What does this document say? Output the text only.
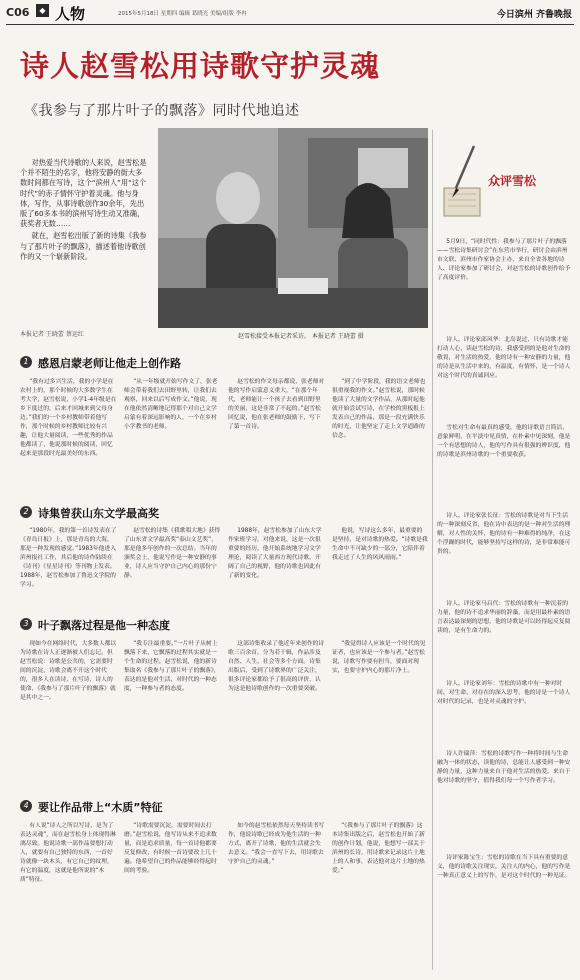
C06	◆ 人物	2015年5月18日 星期四 编辑 葛晓光 美编/组版 李冉	今日滨州 齐鲁晚报
诗人赵雪松用诗歌守护灵魂
《我参与了那片叶子的飘落》同时代地追述

对热爱当代诗歌的人来说，赵雪松是个并不陌生的名字，他将安静的街大多数时间都在写诗，这个“滨州人”用“这个时代”的赤子情怀守护着灵魂。他与身体，写作，从事诗歌创作30余年，先出版了60多本书的滨州写诗生动又准确，获奖者无数……

就在，赵雪松出版了新的诗集《我参与了那片叶子的飘落》，描述着他诗歌创作的又一个崭新阶段。

本报记者 王晓蕾 蔡运红	赵雪松接受本报记者采访。 本报记者 王晓蕾 摄
1 感恩启蒙老师让他走上创作路

“我有过多兴生活，我的小学是在农村上的，那个时候的大多数学生在考大学，赵雪松说，小学1-4年级是在乡下度过的，后来才回城来到父母身边。”我们的一个乡村教师带着他写作，那个时候的乡村教师比较有兴趣，让他大量阅读，一些优秀的作品他都读了，他说那时候的阅读，回忆起来是那段时光最美好的东西。

“从一年级就开始写作文了，张老师会带着我们去田野里转，让我们去观察，回来以后写成作文。”他说，现在他依然清晰地记得那个对自己文学启蒙有着深远影响的人，一个在乡村小学教书的老师。

赵雪松的作文母亲都说，张老师对他的写作启蒙意义重大，“在那个年代，老师能让一个孩子去看到田野里的美丽，这是非常了不起的。”赵雪松回忆说，他在张老师的鼓励下，写下了第一首诗。

“到了中学阶段，我的语文老师也很重视我的作文。”赵雪松说，那时候他读了大量的文学作品，从那时起他就开始尝试写诗，在学校的黑板报上发表自己的作品，那是一段充满快乐的时光，让他坚定了走上文学道路的信念。

2 诗集曾获山东文学最高奖

“1980年，我的第一首诗发表在了《青岛日报》上，那是青岛的大海，那是一种发现的感觉。”1983年他进入滨州报社工作，其后他的诗作陆续在《诗刊》《星星诗刊》等刊物上发表。1988年，赵雪松参加了鲁迅文学院的学习。

赵雪松的诗集《我歌唱大地》获得了山东省文学最高奖“泰山文艺奖”，那是他多年创作的一次总结。当年的颁奖会上，他说写作是一种安静的事业，诗人应当守护自己内心的那份宁静。

1988年，赵雪松参加了山东大学作家班学习，对他来说，这是一次很重要的经历，他开始系统地学习文学理论，阅读了大量西方现代诗歌，开阔了自己的视野，他的诗歌也因此有了新的变化。

他说，写诗这么多年，最重要的是坚持，是对诗歌的热爱。“诗歌是我生命中不可缺少的一部分，它陪伴着我走过了人生的风风雨雨。”

3 叶子飘落过程是他一种态度

现如今在网络时代，大多数人都以为诗歌在诗人正逐渐被人们忘记。但赵雪松说：诗歌是公共的，它需要时间的沉淀，诗歌会离不开这个时代的，很多人在读诗，在写诗，诗人的使命，《我参与了那片叶子的飘落》就是其中之一。

“我专注最重要。”一片叶子从树上飘落下来，它飘落的过程其实就是一个生命的过程。赵雪松说，他的新诗集取名《我参与了那片叶子的飘落》，表达的是他对生活、对时代的一种态度，一种参与者的态度。

这部诗集收录了他近年来创作的诗歌三百余首，分为若干辑，作品涉及自然、人生、社会等多个方面。诗集出版后，受到了诗歌界的广泛关注，很多评论家都给予了很高的评价，认为这是他诗歌创作的一次重要突破。

“我觉得诗人应该是一个时代的见证者，也应该是一个参与者。”赵雪松说，诗歌写作要有担当，要面对现实，也要守护内心的那片净土。

4 要让作品带上“木质”特征

有人说“诗人之所以写诗，是为了表达灵魂”，而在赵雪松身上体现得淋漓尽致。他说诗歌一部作品要想打动人，就要有自己独特的东西，一首好诗就像一块木头，有它自己的纹理，有它的温度，这就是他所说的“木质”特征。

“诗歌需要沉淀，需要时间去打磨。”赵雪松说，他写诗从来不追求数量，而是追求质量，每一首诗他都要反复修改，有时候一首诗要改上几十遍。他希望自己的作品能够经得起时间的考验。

如今的赵雪松依然每天坚持读书写作，他说诗歌已经成为他生活的一种方式，离开了诗歌，他的生活就会失去意义。“我会一直写下去，用诗歌去守护自己的灵魂。”

“《我参与了那片叶子的飘落》这本诗集出版之后，赵雪松也开始了新的创作计划，他说，他想写一部关于滨州的长诗，用诗歌来记录这片土地上的人和事，表达他对这片土地的热爱。”

众评雪松

5月9日，“同时代性：我参与了那片叶子的飘落——雪松诗集研讨会”在东营市举行，研讨会由滨州市文联、滨州市作家协会主办，来自全省各地的诗人、评论家参加了研讨会，对赵雪松的诗歌创作给予了高度评价。

诗人、评论家邱风华：北岛说过，只有诗歌才能打动人心，读赵雪松的诗，我感受到的是他对生命的敬畏，对生活的热爱，他的诗有一种安静的力量，他的诗是从生活中来的，有温度，有情怀，是一个诗人对这个时代的真诚回应。

雪松对生命有最真的感受，他的诗歌语言简洁，意象鲜明，在平淡中见真情，在朴素中见深刻，他是一个有思想的诗人，他的写作具有很强的辨识度，他的诗歌是滨州诗歌的一个重要收获。

诗人、评论家张长征：雪松的诗歌是对当下生活的一种深刻反省，他在诗中表达的是一种对生活的理解，对人性的关怀，他的诗有一种难得的纯净，在这个浮躁的时代，能够坚持写这样的诗，是非常难能可贵的。

诗人、评论家马启代：雪松的诗歌有一种沉着的力量，他的诗不追求华丽的辞藻，而是用最朴素的语言表达最深刻的思想，他的诗歌是可以经得起反复阅读的，是有生命力的。

诗人、评论家刘年：雪松的诗歌中有一种对时间、对生命、对存在的深入思考，他的诗是一个诗人对时代的记录，也是对灵魂的守护。

诗人许瑞萍：雪松的诗歌写作一种将时间与生命融为一体的状态，读他的诗，总能让人感受到一种安静的力量，这种力量来自于他对生活的热爱，来自于他对诗歌的坚守，值得我们每一个写作者学习。

诗评家陈宝生：雪松的诗歌在当下具有重要的意义，他的诗歌关注现实，关注人的内心，他的写作是一种真正意义上的写作，是对这个时代的一种见证。
